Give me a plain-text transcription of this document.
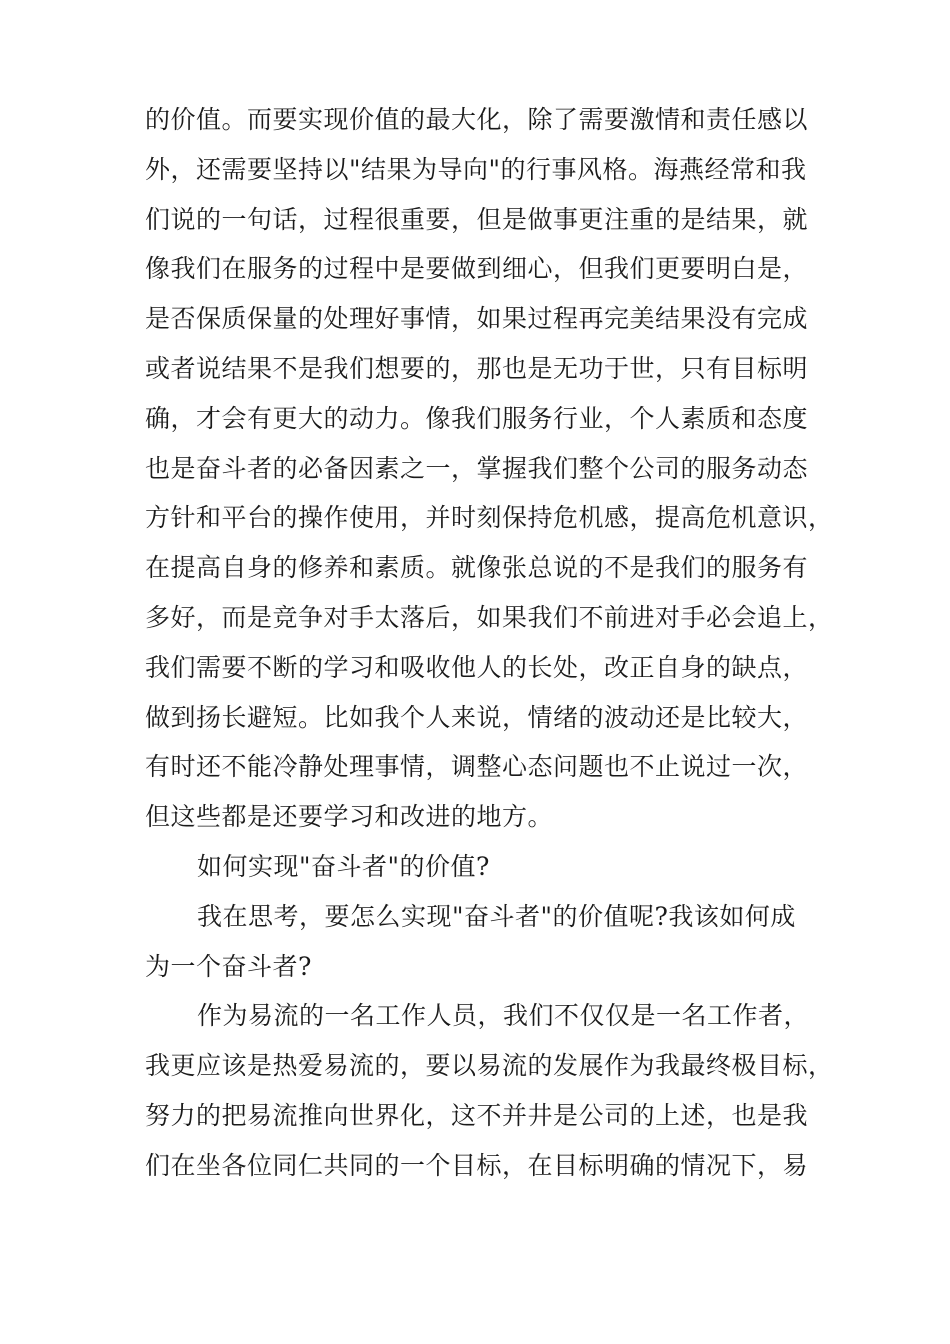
的价值。而要实现价值的最大化，除了需要激情和责任感以
外，还需要坚持以"结果为导向"的行事风格。海燕经常和我
们说的一句话，过程很重要，但是做事更注重的是结果，就
像我们在服务的过程中是要做到细心，但我们更要明白是，
是否保质保量的处理好事情，如果过程再完美结果没有完成
或者说结果不是我们想要的，那也是无功于世，只有目标明
确，才会有更大的动力。像我们服务行业，个人素质和态度
也是奋斗者的必备因素之一，掌握我们整个公司的服务动态
方针和平台的操作使用，并时刻保持危机感，提高危机意识，
在提高自身的修养和素质。就像张总说的不是我们的服务有
多好，而是竞争对手太落后，如果我们不前进对手必会追上，
我们需要不断的学习和吸收他人的长处，改正自身的缺点，
做到扬长避短。比如我个人来说，情绪的波动还是比较大，
有时还不能冷静处理事情，调整心态问题也不止说过一次，
但这些都是还要学习和改进的地方。
如何实现"奋斗者"的价值?
我在思考，要怎么实现"奋斗者"的价值呢?我该如何成
为一个奋斗者?
作为易流的一名工作人员，我们不仅仅是一名工作者，
我更应该是热爱易流的，要以易流的发展作为我最终极目标，
努力的把易流推向世界化，这不并井是公司的上述，也是我
们在坐各位同仁共同的一个目标，在目标明确的情况下，易
